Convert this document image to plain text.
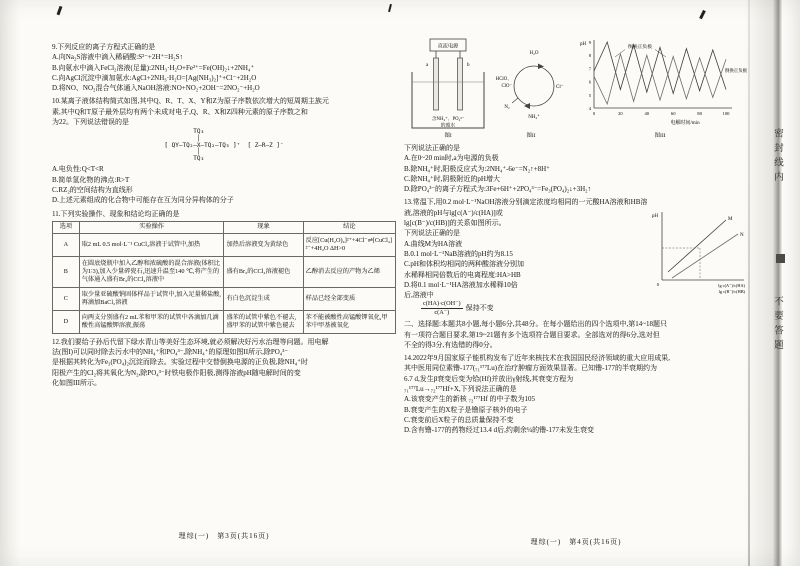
9.下列反应的离子方程式正确的是
A.向Na₂S溶液中滴入稀硝酸:S²⁻+2H⁺=H₂S↑
B.向氨水中滴入FeCl₂溶液(足量):2NH₃·H₂O+Fe²⁺=Fe(OH)₂↓+2NH₄⁺
C.向AgCl沉淀中滴加氨水:AgCl+2NH₃·H₂O=[Ag(NH₃)₂]⁺+Cl⁻+2H₂O
D.将NO、NO₂混合气体通入NaOH溶液:NO+NO₂+2OH⁻=2NO₂⁻+H₂O
10.某离子液体结构简式如图,其中Q、R、T、X、Y和Z为原子序数依次增大的短周期主族元
素,其中Q和T原子最外层均有两个未成对电子,Q、R、X和Z四种元素的原子序数之和
为22。下列说法错误的是
TQ₃
│
[ QY—TQ₂—X—TQ₂—TQ₃ ]⁺  [ Z—R—Z ]⁻
│
TQ₃
A.电负性:Q<T<R
B.简单氢化物的沸点:R>T
C.RZ₂的空间结构为直线形
D.上述元素组成的化合物中可能存在互为同分异构体的分子
11.下列实验操作、现象和结论均正确的是
选项	实验操作	现象	结论
A	取2 mL 0.5 mol·L⁻¹ CuCl₂溶液于试管中,加热	加热后溶液变为黄绿色	反应[Cu(H₂O)₄]²⁺+4Cl⁻⇌[CuCl₄]²⁻+4H₂O ΔH>0
B	在圆底烧瓶中加入乙醇和浓硫酸的混合溶液(体积比为1∶3),加入少量碎瓷石,迅速升温至140 ℃,将产生的气体通入盛有Br₂的CCl₄溶液中	盛有Br₂的CCl₄溶液褪色	乙醇消去反应的产物为乙烯
C	取少量亚硫酸钠固体样品于试管中,加入足量稀盐酸,再滴加BaCl₂溶液	有白色沉淀生成	样品已经全部变质
D	向两支分别盛有2 mL苯和甲苯的试管中各滴加几滴酸性高锰酸钾溶液,振荡	盛苯的试管中紫色不褪去,盛甲苯的试管中紫色褪去	苯不能被酸性高锰酸钾氧化,甲苯中甲基被氧化
12.我们要给子孙后代留下绿水青山等美好生态环境,就必须解决好污水治理等问题。用电解
法(图I)可以同时除去污水中的NH₄⁺和PO₄³⁻,除NH₄⁺的原理如图II所示,除PO₄³⁻
是根据其转化为Fe₃(PO₄)₂沉淀而除去。实验过程中交替倒换电源的正负极,除NH₄⁺时
阳极产生的Cl₂将其氧化为N₂,除PO₄³⁻时铁电极作阳极,测得溶液pH随电解时间的变
化如图III所示。
直流电源
a	b
含NH₄⁺、PO₄³⁻
的废水
图I
H₂O
HClO、
ClO⁻	Cl⁻
NH₄⁺
N₂
图II
pH
4
5
6
7
8
9
0	20	40	60	80	100
电解时间/min
倒换正负极
倒换正负极
图III
下列说法正确的是
A.在0~20 min时,a为电源的负极
B.除NH₄⁺时,阳极反应式为:2NH₄⁺-6e⁻=N₂↑+8H⁺
C.除NH₄⁺时,阴极附近的pH增大
D.除PO₄³⁻的离子方程式为:3Fe+6H⁺+2PO₄³⁻=Fe₃(PO₄)₂↓+3H₂↑
13.常温下,用0.2 mol·L⁻¹NaOH溶液分别滴定浓度均相同的一元酸HA溶液和HB溶
液,溶液的pH与lg[c(A⁻)/c(HA)]或
lg[c(B⁻)/c(HB)]的关系如图所示。
下列说法正确的是
A.曲线M为HA溶液
B.0.1 mol·L⁻¹NaB溶液的pH约为8.15
C.pH和体积均相同的两种酸溶液分别加
水稀释相同倍数后的电离程度:HA>HB
D.将0.1 mol·L⁻¹HA溶液加水稀释10倍
后,溶液中
pH
0
M
N
lg c(A⁻)/c(HA)
lg c(B⁻)/c(HB)
$\frac{c(HA)\cdot c(OH^-)}{c(A^-)}$ 保持不变
二、选择题:本题共8小题,每小题6分,共48分。在每小题给出的四个选项中,第14~18题只
有一项符合题目要求,第19~21题有多个选项符合题目要求。全部选对的得6分,选对但
不全的得3分,有选错的得0分。
14.2022年9月国家原子能机构发布了近年来核技术在我国国民经济领域的重大应用成果,
其中医用同位素镥-177(₇₁¹⁷⁷Lu)在治疗肿瘤方面效果显著。已知镥-177的半衰期约为
6.7 d,发生β衰变后变为铪(Hf)并放出γ射线,其衰变方程为
₇₁¹⁷⁷Lu→₇₂¹⁷⁷Hf+X,下列说法正确的是
A.该衰变产生的新核 ₇₂¹⁷⁷Hf 的中子数为105
B.衰变产生的X粒子是镥原子核外的电子
C.衰变前后X粒子的总质量保持不变
D.含有镥-177的药物经过13.4 d后,约剩余¼的镥-177未发生衰变
理综(一)　第3页(共16页)
理综(一)　第4页(共16页)
密封线内
不要答题
